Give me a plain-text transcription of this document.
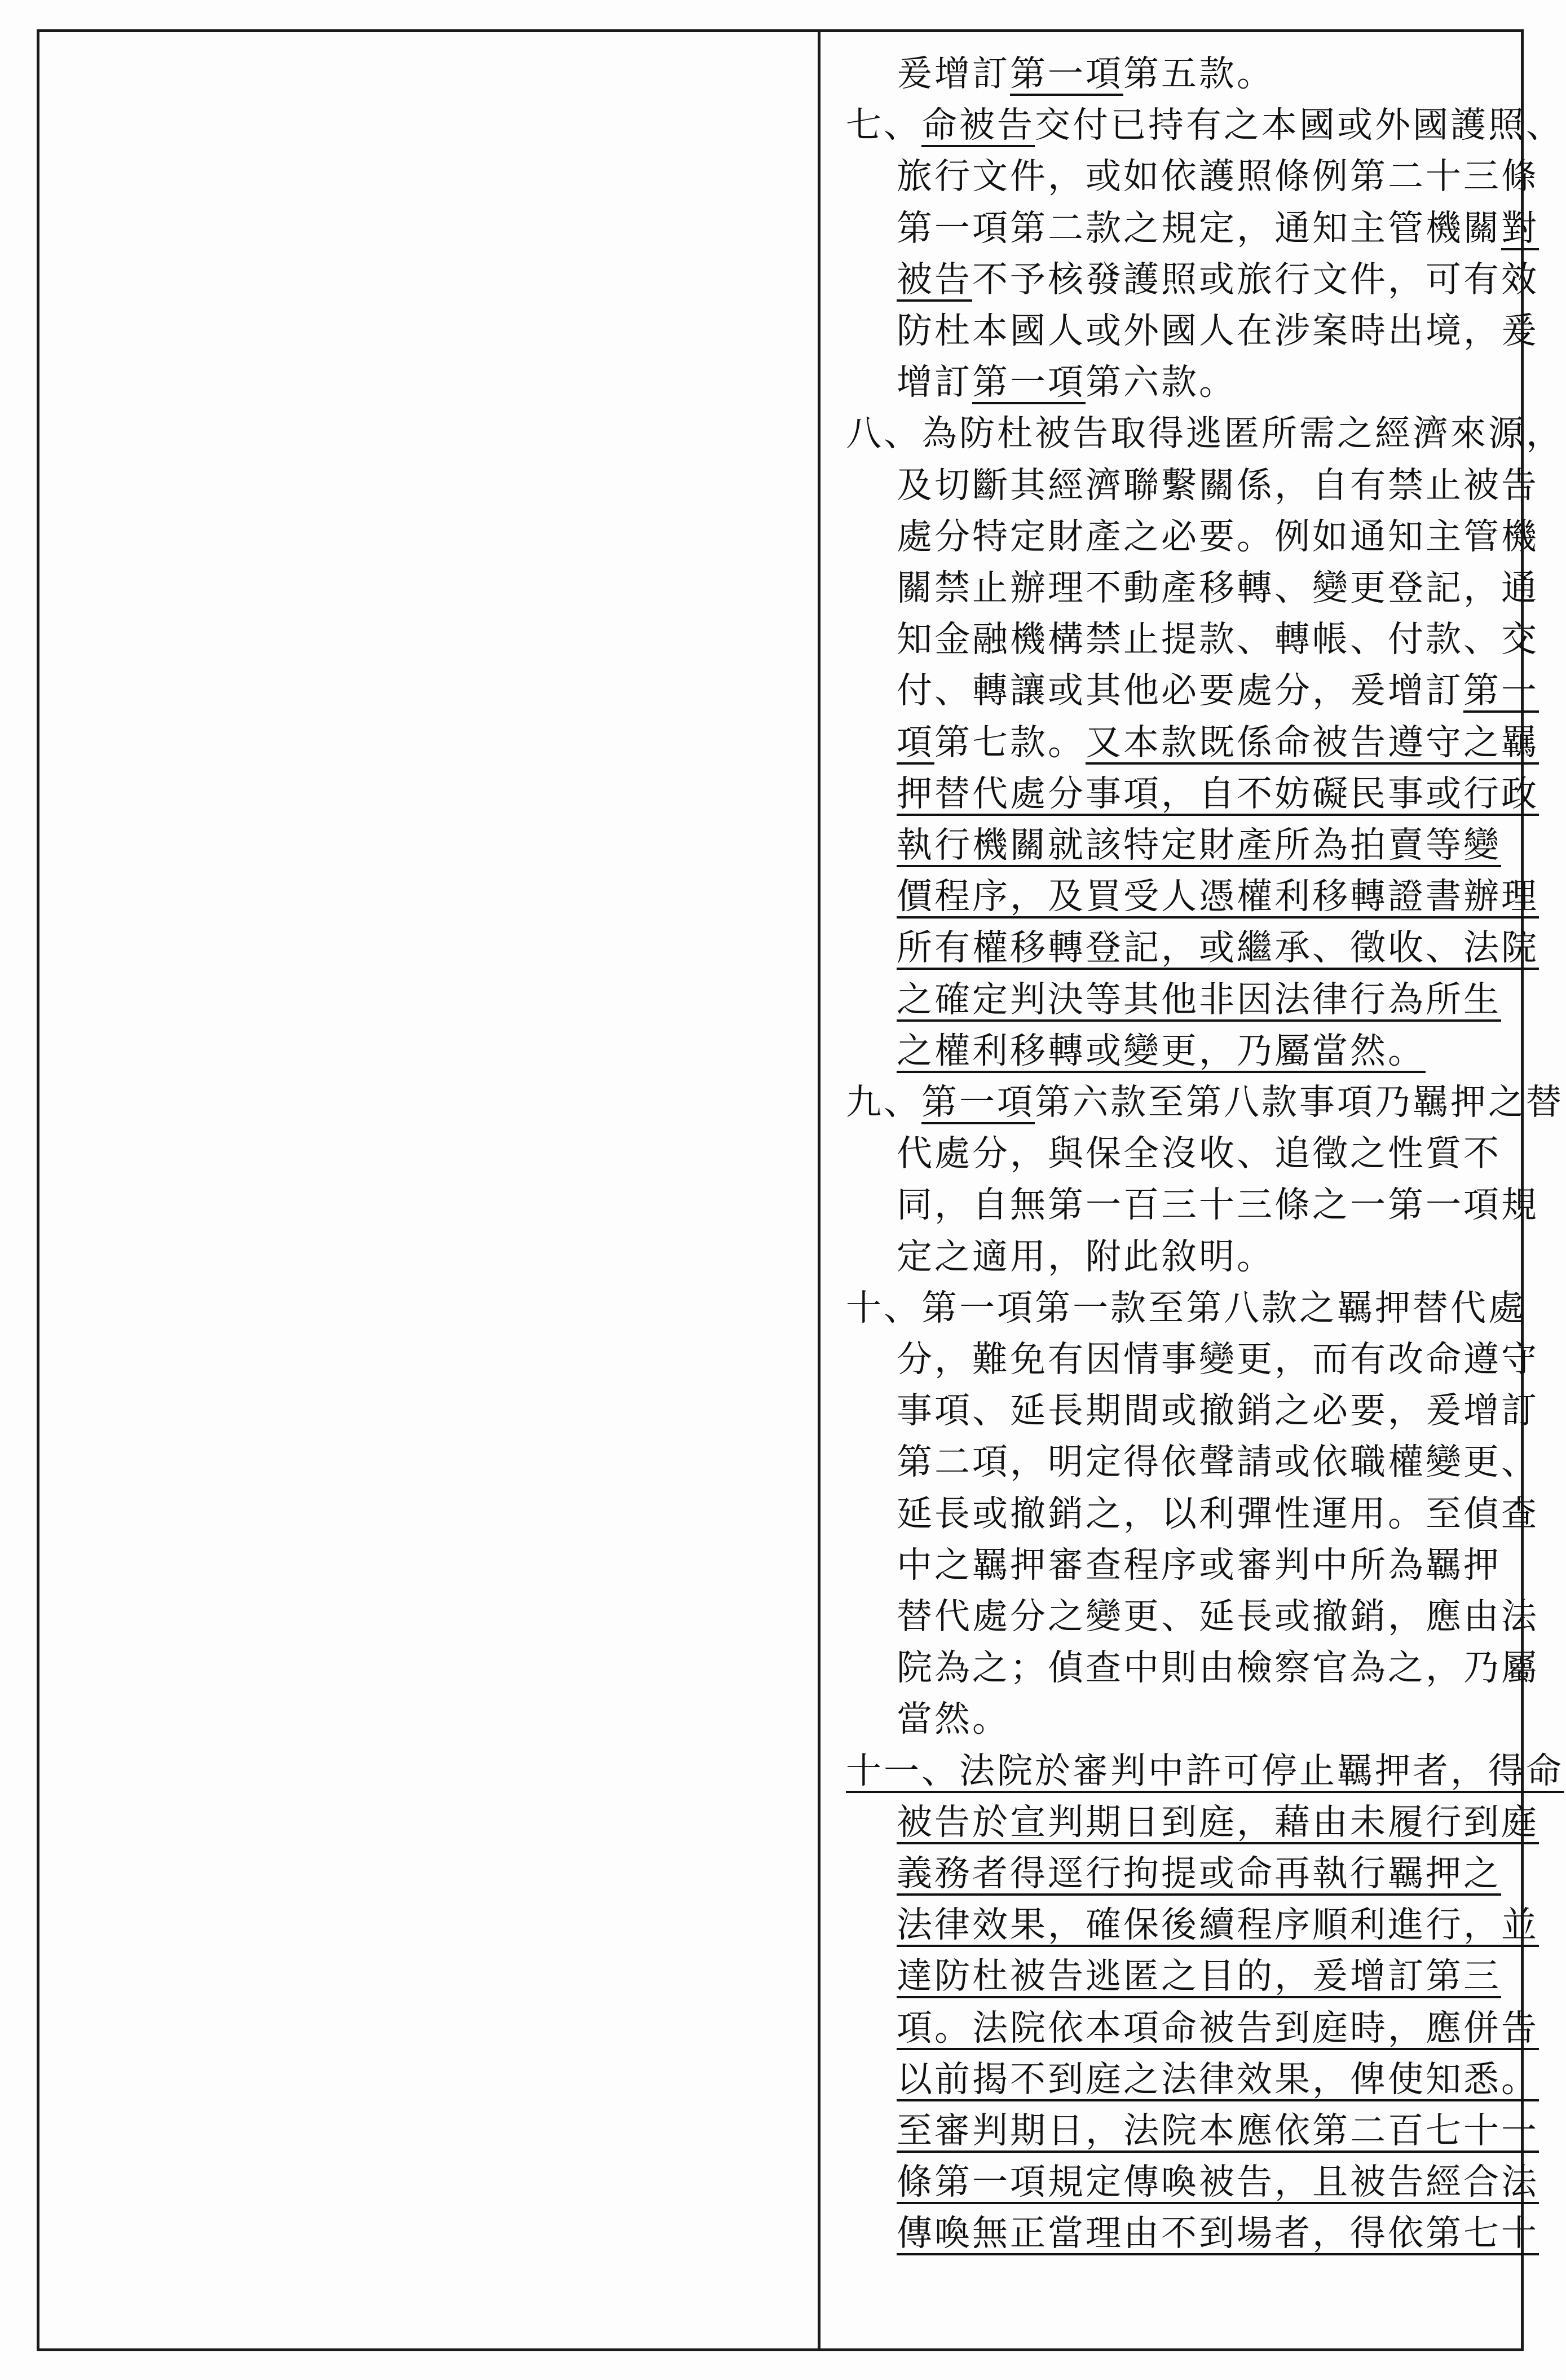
爰增訂第一項第五款。
七、命被告交付已持有之本國或外國護照、
旅行文件，或如依護照條例第二十三條
第一項第二款之規定，通知主管機關對
被告不予核發護照或旅行文件，可有效
防杜本國人或外國人在涉案時出境，爰
增訂第一項第六款。
八、為防杜被告取得逃匿所需之經濟來源，
及切斷其經濟聯繫關係，自有禁止被告
處分特定財產之必要。例如通知主管機
關禁止辦理不動產移轉、變更登記，通
知金融機構禁止提款、轉帳、付款、交
付、轉讓或其他必要處分，爰增訂第一
項第七款。又本款既係命被告遵守之羈
押替代處分事項，自不妨礙民事或行政
執行機關就該特定財產所為拍賣等變
價程序，及買受人憑權利移轉證書辦理
所有權移轉登記，或繼承、徵收、法院
之確定判決等其他非因法律行為所生
之權利移轉或變更，乃屬當然。
九、第一項第六款至第八款事項乃羈押之替
代處分，與保全沒收、追徵之性質不
同，自無第一百三十三條之一第一項規
定之適用，附此敘明。
十、第一項第一款至第八款之羈押替代處
分，難免有因情事變更，而有改命遵守
事項、延長期間或撤銷之必要，爰增訂
第二項，明定得依聲請或依職權變更、
延長或撤銷之，以利彈性運用。至偵查
中之羈押審查程序或審判中所為羈押
替代處分之變更、延長或撤銷，應由法
院為之；偵查中則由檢察官為之，乃屬
當然。
十一、法院於審判中許可停止羈押者，得命
被告於宣判期日到庭，藉由未履行到庭
義務者得逕行拘提或命再執行羈押之
法律效果，確保後續程序順利進行，並
達防杜被告逃匿之目的，爰增訂第三
項。法院依本項命被告到庭時，應併告
以前揭不到庭之法律效果，俾使知悉。
至審判期日，法院本應依第二百七十一
條第一項規定傳喚被告，且被告經合法
傳喚無正當理由不到場者，得依第七十
